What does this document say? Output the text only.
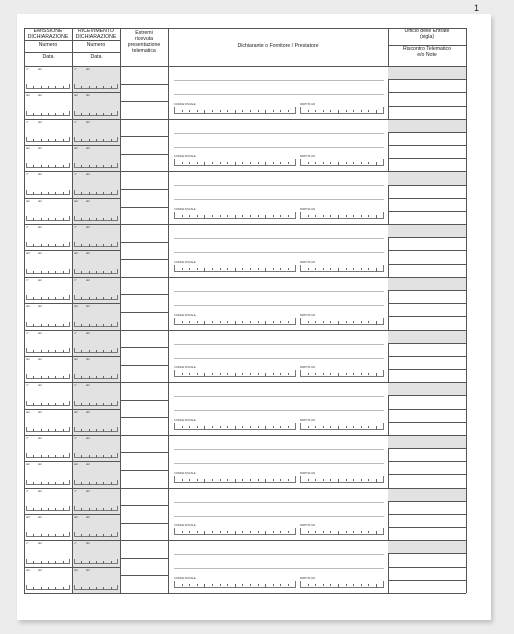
1
EMISSIONE
DICHIARAZIONE
RICEVIMENTO
DICHIARAZIONE
Numero	Numero
Data	Data
Estremi
ricevuta
presentazione
telematica
Dichiarante o Fornitore / Prestatore
Ufficio delle Entrate
(sigla)
Riscontro Telematico
e/o Note
n°	del
del	del
n°	del
del	del
CODICE FISCALE	PARTITA IVA
n°	del
del	del
n°	del
del	del
CODICE FISCALE	PARTITA IVA
n°	del
del	del
n°	del
del	del
CODICE FISCALE	PARTITA IVA
n°	del
del	del
n°	del
del	del
CODICE FISCALE	PARTITA IVA
n°	del
del	del
n°	del
del	del
CODICE FISCALE	PARTITA IVA
n°	del
del	del
n°	del
del	del
CODICE FISCALE	PARTITA IVA
n°	del
del	del
n°	del
del	del
CODICE FISCALE	PARTITA IVA
n°	del
del	del
n°	del
del	del
CODICE FISCALE	PARTITA IVA
n°	del
del	del
n°	del
del	del
CODICE FISCALE	PARTITA IVA
n°	del
del	del
n°	del
del	del
CODICE FISCALE	PARTITA IVA
